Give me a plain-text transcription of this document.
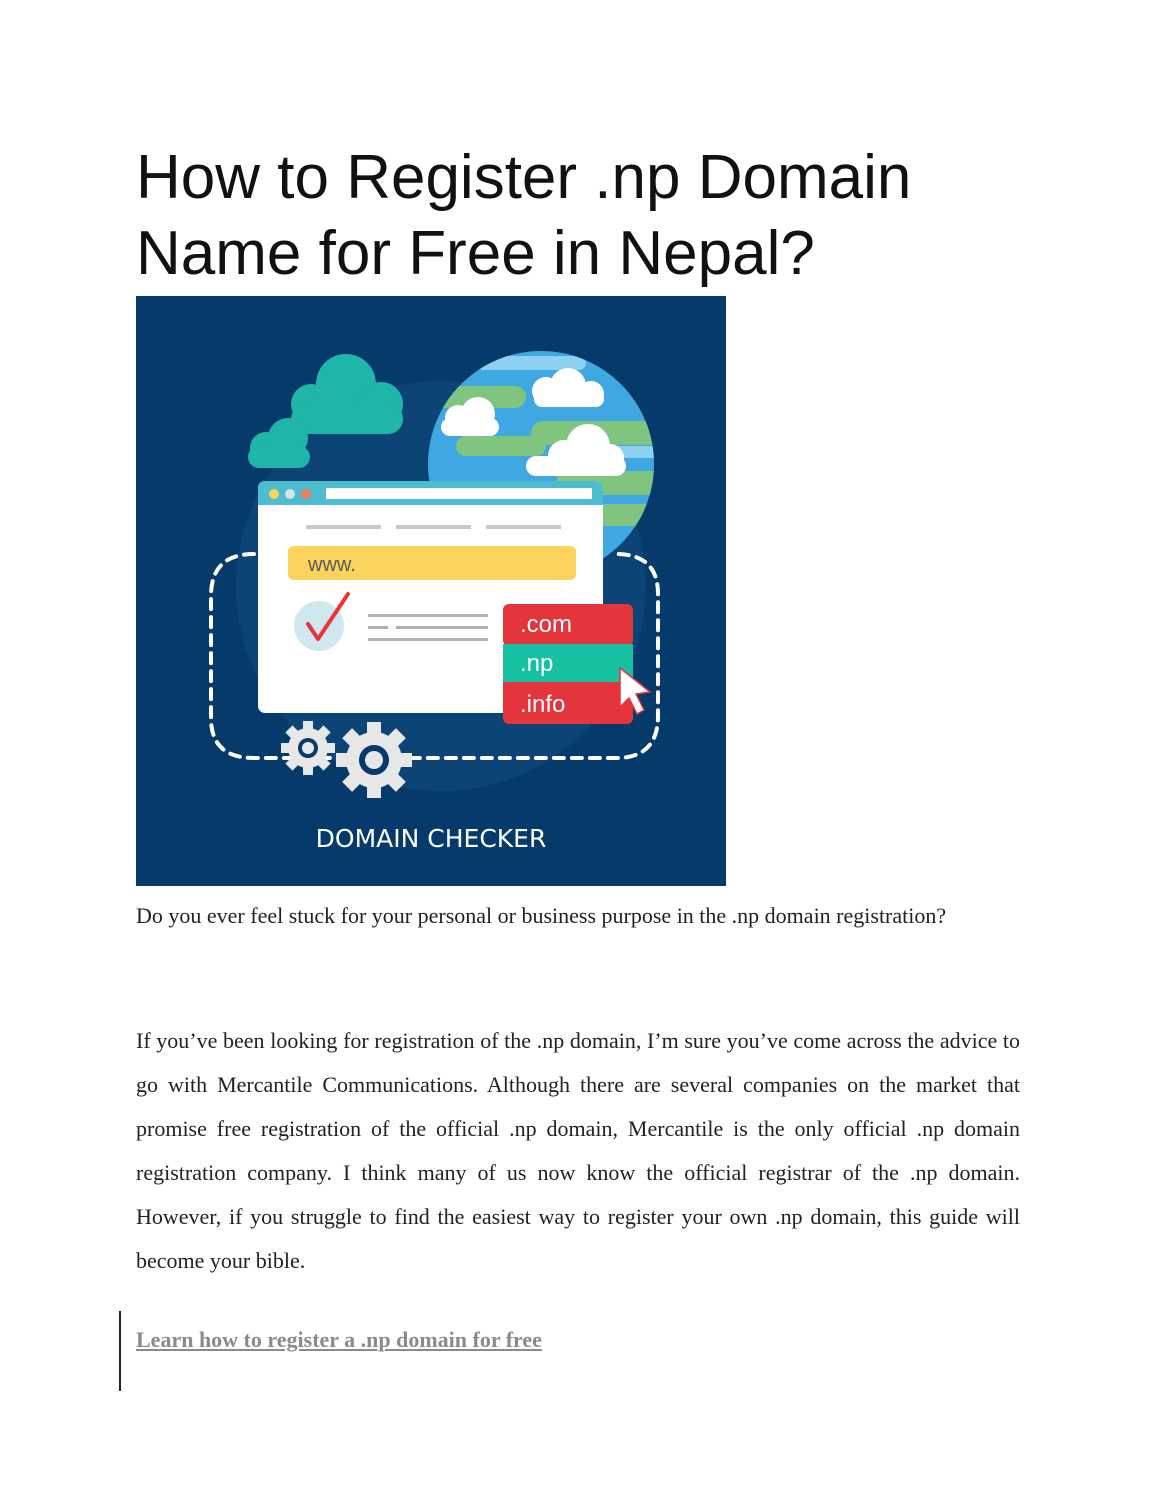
How to Register .np Domain Name for Free in Nepal?
www.
.com
.np
.info
DOMAIN CHECKER

Do you ever feel stuck for your personal or business purpose in the .np domain registration?

If you’ve been looking for registration of the .np domain, I’m sure you’ve come across the advice to go with Mercantile Communications. Although there are several companies on the market that promise free registration of the official .np domain, Mercantile is the only official .np domain registration company. I think many of us now know the official registrar of the .np domain. However, if you struggle to find the easiest way to register your own .np domain, this guide will become your bible.

Learn how to register a .np domain for free
